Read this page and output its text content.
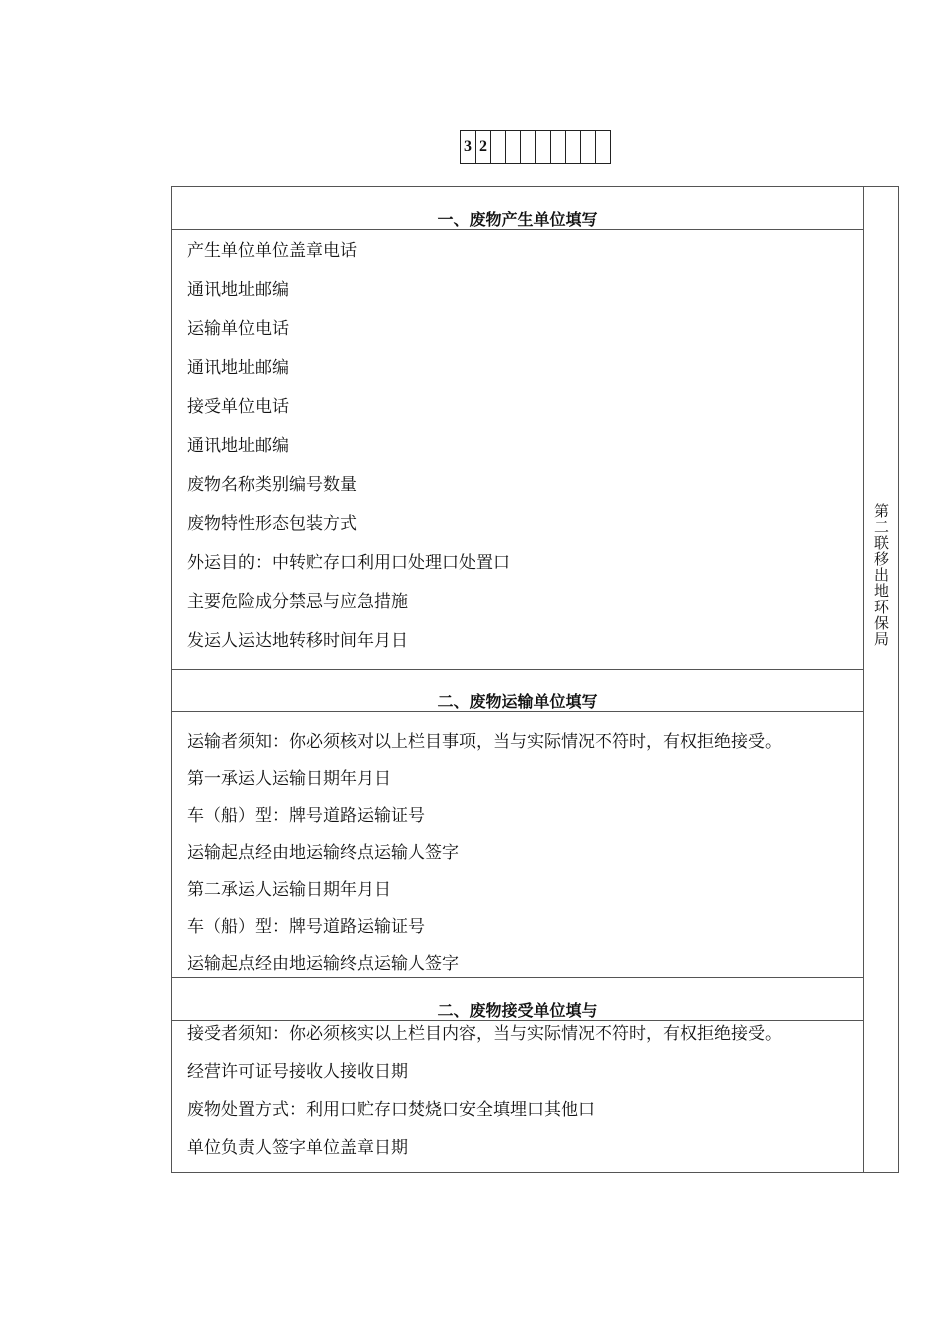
3 2
一、废物产生单位填写
产生单位单位盖章电话
通讯地址邮编
运输单位电话
通讯地址邮编
接受单位电话
通讯地址邮编
废物名称类别编号数量
废物特性形态包装方式
外运目的：中转贮存口利用口处理口处置口
主要危险成分禁忌与应急措施
发运人运达地转移时间年月日
二、废物运输单位填写
运输者须知：你必须核对以上栏目事项，当与实际情况不符时，有权拒绝接受。
第一承运人运输日期年月日
车（船）型：牌号道路运输证号
运输起点经由地运输终点运输人签字
第二承运人运输日期年月日
车（船）型：牌号道路运输证号
运输起点经由地运输终点运输人签字
二、废物接受单位填与
接受者须知：你必须核实以上栏目内容，当与实际情况不符时，有权拒绝接受。
经营许可证号接收人接收日期
废物处置方式：利用口贮存口焚烧口安全填埋口其他口
单位负责人签字单位盖章日期
第二联移出地环保局
